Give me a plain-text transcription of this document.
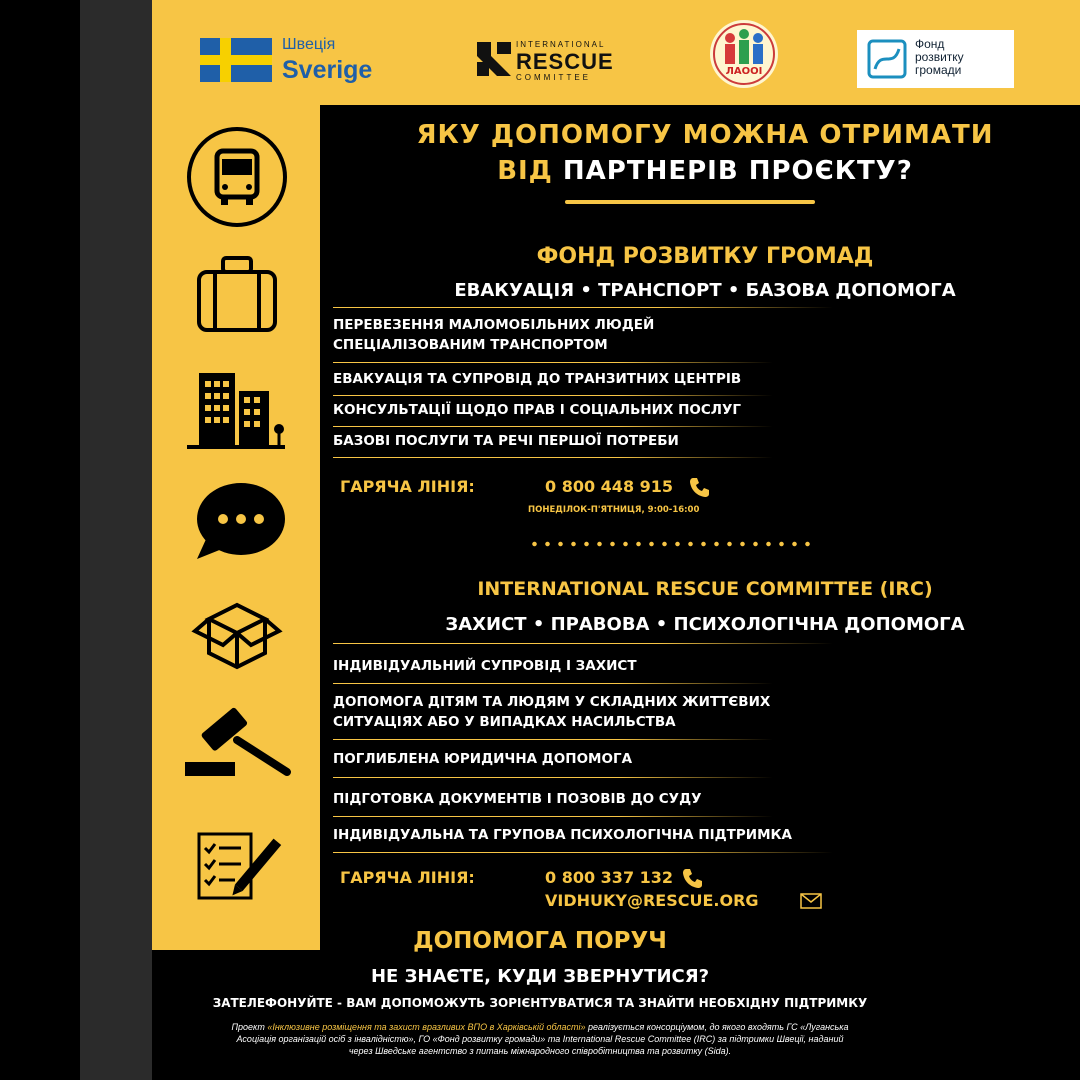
Швеція
Sverige
INTERNATIONAL
RESCUE
COMMITTEE
ЛАООІ
Фонд
розвитку
громади
ЯКУ ДОПОМОГУ МОЖНА ОТРИМАТИ
ВІД ПАРТНЕРІВ ПРОЄКТУ?
ФОНД РОЗВИТКУ ГРОМАД
ЕВАКУАЦІЯ • ТРАНСПОРТ • БАЗОВА ДОПОМОГА
ПЕРЕВЕЗЕННЯ МАЛОМОБІЛЬНИХ ЛЮДЕЙ
СПЕЦІАЛІЗОВАНИМ ТРАНСПОРТОМ
ЕВАКУАЦІЯ ТА СУПРОВІД ДО ТРАНЗИТНИХ ЦЕНТРІВ
КОНСУЛЬТАЦІЇ ЩОДО ПРАВ І СОЦІАЛЬНИХ ПОСЛУГ
БАЗОВІ ПОСЛУГИ ТА РЕЧІ ПЕРШОЇ ПОТРЕБИ
ГАРЯЧА ЛІНІЯ:	0 800 448 915
ПОНЕДІЛОК-П'ЯТНИЦЯ, 9:00-16:00
INTERNATIONAL RESCUE COMMITTEE (IRC)
ЗАХИСТ • ПРАВОВА • ПСИХОЛОГІЧНА ДОПОМОГА
ІНДИВІДУАЛЬНИЙ СУПРОВІД І ЗАХИСТ
ДОПОМОГА ДІТЯМ ТА ЛЮДЯМ У СКЛАДНИХ ЖИТТЄВИХ
СИТУАЦІЯХ АБО У ВИПАДКАХ НАСИЛЬСТВА
ПОГЛИБЛЕНА ЮРИДИЧНА ДОПОМОГА
ПІДГОТОВКА ДОКУМЕНТІВ І ПОЗОВІВ ДО СУДУ
ІНДИВІДУАЛЬНА ТА ГРУПОВА ПСИХОЛОГІЧНА ПІДТРИМКА
ГАРЯЧА ЛІНІЯ:	0 800 337 132
VIDHUKY@RESCUE.ORG
ДОПОМОГА ПОРУЧ
НЕ ЗНАЄТЕ, КУДИ ЗВЕРНУТИСЯ?
ЗАТЕЛЕФОНУЙТЕ - ВАМ ДОПОМОЖУТЬ ЗОРІЄНТУВАТИСЯ ТА ЗНАЙТИ НЕОБХІДНУ ПІДТРИМКУ
Проект «Інклюзивне розміщення та захист вразливих ВПО в Харківській області» реалізується консорціумом, до якого входять ГС «Луганська
Асоціація організацій осіб з інвалідністю», ГО «Фонд розвитку громади» та International Rescue Committee (IRC) за підтримки Швеції, наданий
через Шведське агентство з питань міжнародного співробітництва та розвитку (Sida).
